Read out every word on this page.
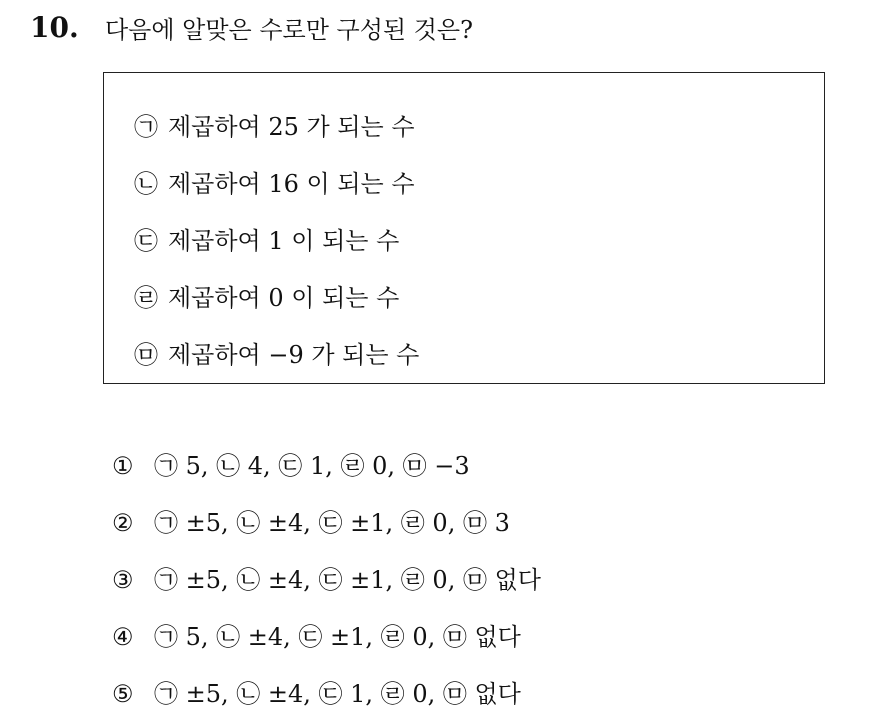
10. 다음에 알맞은 수로만 구성된 것은?
㉠ 제곱하여 25 가 되는 수
㉡ 제곱하여 16 이 되는 수
㉢ 제곱하여 1 이 되는 수
㉣ 제곱하여 0 이 되는 수
㉤ 제곱하여 −9 가 되는 수
① ㉠ 5, ㉡ 4, ㉢ 1, ㉣ 0, ㉤ −3
② ㉠ ±5, ㉡ ±4, ㉢ ±1, ㉣ 0, ㉤ 3
③ ㉠ ±5, ㉡ ±4, ㉢ ±1, ㉣ 0, ㉤ 없다
④ ㉠ 5, ㉡ ±4, ㉢ ±1, ㉣ 0, ㉤ 없다
⑤ ㉠ ±5, ㉡ ±4, ㉢ 1, ㉣ 0, ㉤ 없다
